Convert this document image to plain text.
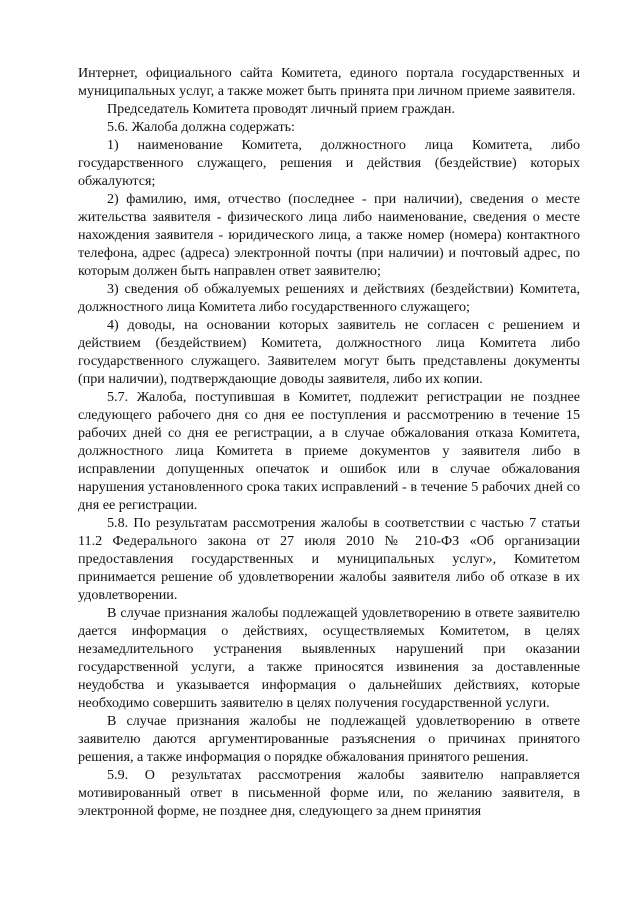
Интернет, официального сайта Комитета, единого портала государственных и муниципальных услуг, а также может быть принята при личном приеме заявителя.

Председатель Комитета проводят личный прием граждан.

5.6. Жалоба должна содержать:

1) наименование Комитета, должностного лица Комитета, либо государственного служащего, решения и действия (бездействие) которых обжалуются;

2) фамилию, имя, отчество (последнее - при наличии), сведения о месте жительства заявителя - физического лица либо наименование, сведения о месте нахождения заявителя - юридического лица, а также номер (номера) контактного телефона, адрес (адреса) электронной почты (при наличии) и почтовый адрес, по которым должен быть направлен ответ заявителю;

3) сведения об обжалуемых решениях и действиях (бездействии) Комитета, должностного лица Комитета либо государственного служащего;

4) доводы, на основании которых заявитель не согласен с решением и действием (бездействием) Комитета, должностного лица Комитета либо государственного служащего. Заявителем могут быть представлены документы (при наличии), подтверждающие доводы заявителя, либо их копии.

5.7. Жалоба, поступившая в Комитет, подлежит регистрации не позднее следующего рабочего дня со дня ее поступления и рассмотрению в течение 15 рабочих дней со дня ее регистрации, а в случае обжалования отказа Комитета, должностного лица Комитета в приеме документов у заявителя либо в исправлении допущенных опечаток и ошибок или в случае обжалования нарушения установленного срока таких исправлений - в течение 5 рабочих дней со дня ее регистрации.

5.8. По результатам рассмотрения жалобы в соответствии с частью 7 статьи 11.2 Федерального закона от 27 июля 2010 № 210-ФЗ «Об организации предоставления государственных и муниципальных услуг», Комитетом принимается решение об удовлетворении жалобы заявителя либо об отказе в их удовлетворении.

В случае признания жалобы подлежащей удовлетворению в ответе заявителю дается информация о действиях, осуществляемых Комитетом, в целях незамедлительного устранения выявленных нарушений при оказании государственной услуги, а также приносятся извинения за доставленные неудобства и указывается информация о дальнейших действиях, которые необходимо совершить заявителю в целях получения государственной услуги.

В случае признания жалобы не подлежащей удовлетворению в ответе заявителю даются аргументированные разъяснения о причинах принятого решения, а также информация о порядке обжалования принятого решения.

5.9. О результатах рассмотрения жалобы заявителю направляется мотивированный ответ в письменной форме или, по желанию заявителя, в электронной форме, не позднее дня, следующего за днем принятия
